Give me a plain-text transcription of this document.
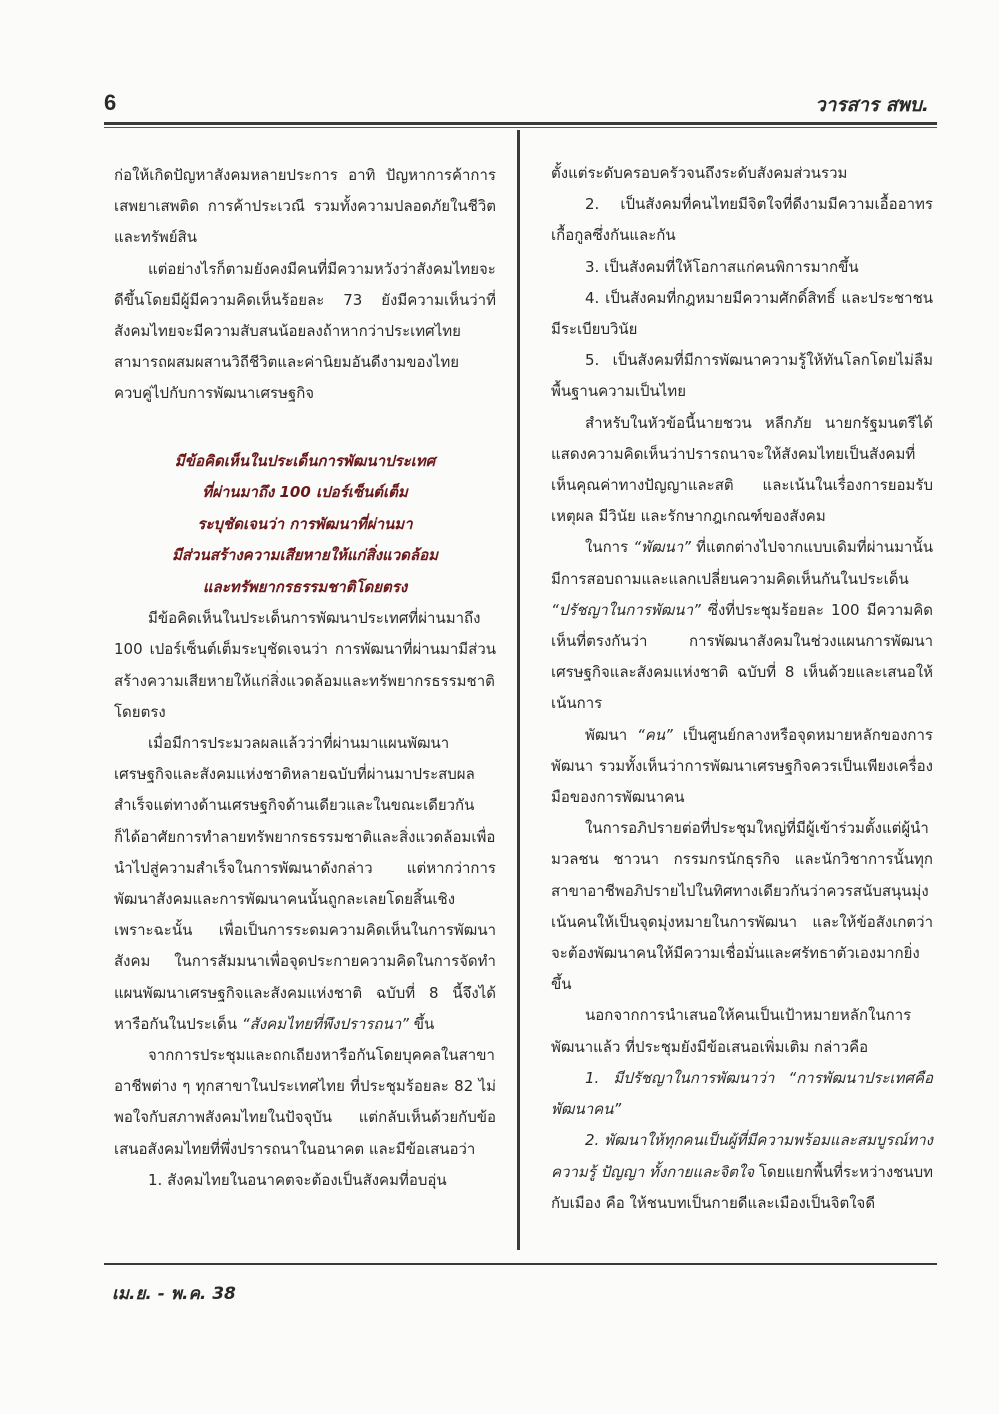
6	วารสาร สพบ.

ก่อให้เกิดปัญหาสังคมหลายประการ อาทิ ปัญหาการค้าการเสพยาเสพติด การค้าประเวณี รวมทั้งความปลอดภัยในชีวิตและทรัพย์สิน

แต่อย่างไรก็ตามยังคงมีคนที่มีความหวังว่าสังคมไทยจะดีขึ้นโดยมีผู้มีความคิดเห็นร้อยละ 73 ยังมีความเห็นว่าที่สังคมไทยจะมีความสับสนน้อยลงถ้าหากว่าประเทศไทยสามารถผสมผสานวิถีชีวิตและค่านิยมอันดีงามของไทยควบคู่ไปกับการพัฒนาเศรษฐกิจ

มีข้อคิดเห็นในประเด็นการพัฒนาประเทศ
ที่ผ่านมาถึง 100 เปอร์เซ็นต์เต็ม
ระบุชัดเจนว่า การพัฒนาที่ผ่านมา
มีส่วนสร้างความเสียหายให้แก่สิ่งแวดล้อม
และทรัพยากรธรรมชาติโดยตรง

มีข้อคิดเห็นในประเด็นการพัฒนาประเทศที่ผ่านมาถึง 100 เปอร์เซ็นต์เต็มระบุชัดเจนว่า การพัฒนาที่ผ่านมามีส่วนสร้างความเสียหายให้แก่สิ่งแวดล้อมและทรัพยากรธรรมชาติโดยตรง

เมื่อมีการประมวลผลแล้วว่าที่ผ่านมาแผนพัฒนาเศรษฐกิจและสังคมแห่งชาติหลายฉบับที่ผ่านมาประสบผลสำเร็จแต่ทางด้านเศรษฐกิจด้านเดียวและในขณะเดียวกันก็ได้อาศัยการทำลายทรัพยากรธรรมชาติและสิ่งแวดล้อมเพื่อนำไปสู่ความสำเร็จในการพัฒนาดังกล่าว แต่หากว่าการพัฒนาสังคมและการพัฒนาคนนั้นถูกละเลยโดยสิ้นเชิง เพราะฉะนั้น เพื่อเป็นการระดมความคิดเห็นในการพัฒนาสังคม ในการสัมมนาเพื่อจุดประกายความคิดในการจัดทำแผนพัฒนาเศรษฐกิจและสังคมแห่งชาติ ฉบับที่ 8 นี้จึงได้หารือกันในประเด็น “สังคมไทยที่พึงปรารถนา” ขึ้น

จากการประชุมและถกเถียงหารือกันโดยบุคคลในสาขาอาชีพต่าง ๆ ทุกสาขาในประเทศไทย ที่ประชุมร้อยละ 82 ไม่พอใจกับสภาพสังคมไทยในปัจจุบัน แต่กลับเห็นด้วยกับข้อเสนอสังคมไทยที่พึ่งปรารถนาในอนาคต และมีข้อเสนอว่า

1. สังคมไทยในอนาคตจะต้องเป็นสังคมที่อบอุ่น

ตั้งแต่ระดับครอบครัวจนถึงระดับสังคมส่วนรวม

2. เป็นสังคมที่คนไทยมีจิตใจที่ดีงามมีความเอื้ออาทรเกื้อกูลซึ่งกันและกัน

3. เป็นสังคมที่ให้โอกาสแก่คนพิการมากขึ้น

4. เป็นสังคมที่กฎหมายมีความศักดิ์สิทธิ์ และประชาชนมีระเบียบวินัย

5. เป็นสังคมที่มีการพัฒนาความรู้ให้ทันโลกโดยไม่ลืมพื้นฐานความเป็นไทย

สำหรับในหัวข้อนี้นายชวน หลีกภัย นายกรัฐมนตรีได้แสดงความคิดเห็นว่าปรารถนาจะให้สังคมไทยเป็นสังคมที่เห็นคุณค่าทางปัญญาและสติ และเน้นในเรื่องการยอมรับเหตุผล มีวินัย และรักษากฎเกณฑ์ของสังคม

ในการ “พัฒนา” ที่แตกต่างไปจากแบบเดิมที่ผ่านมานั้นมีการสอบถามและแลกเปลี่ยนความคิดเห็นกันในประเด็น “ปรัชญาในการพัฒนา” ซึ่งที่ประชุมร้อยละ 100 มีความคิดเห็นที่ตรงกันว่า การพัฒนาสังคมในช่วงแผนการพัฒนาเศรษฐกิจและสังคมแห่งชาติ ฉบับที่ 8 เห็นด้วยและเสนอให้เน้นการ

พัฒนา “คน” เป็นศูนย์กลางหรือจุดหมายหลักของการพัฒนา รวมทั้งเห็นว่าการพัฒนาเศรษฐกิจควรเป็นเพียงเครื่องมือของการพัฒนาคน

ในการอภิปรายต่อที่ประชุมใหญ่ที่มีผู้เข้าร่วมตั้งแต่ผู้นำมวลชน ชาวนา กรรมกรนักธุรกิจ และนักวิชาการนั้นทุกสาขาอาชีพอภิปรายไปในทิศทางเดียวกันว่าควรสนับสนุนมุ่งเน้นคนให้เป็นจุดมุ่งหมายในการพัฒนา และให้ข้อสังเกตว่าจะต้องพัฒนาคนให้มีความเชื่อมั่นและศรัทธาตัวเองมากยิ่งขึ้น

นอกจากการนำเสนอให้คนเป็นเป้าหมายหลักในการพัฒนาแล้ว ที่ประชุมยังมีข้อเสนอเพิ่มเติม กล่าวคือ

1. มีปรัชญาในการพัฒนาว่า “การพัฒนาประเทศคือพัฒนาคน”

2. พัฒนาให้ทุกคนเป็นผู้ที่มีความพร้อมและสมบูรณ์ทางความรู้ ปัญญา ทั้งกายและจิตใจ โดยแยกพื้นที่ระหว่างชนบทกับเมือง คือ ให้ชนบทเป็นกายดีและเมืองเป็นจิตใจดี

เม.ย. - พ.ค. 38
